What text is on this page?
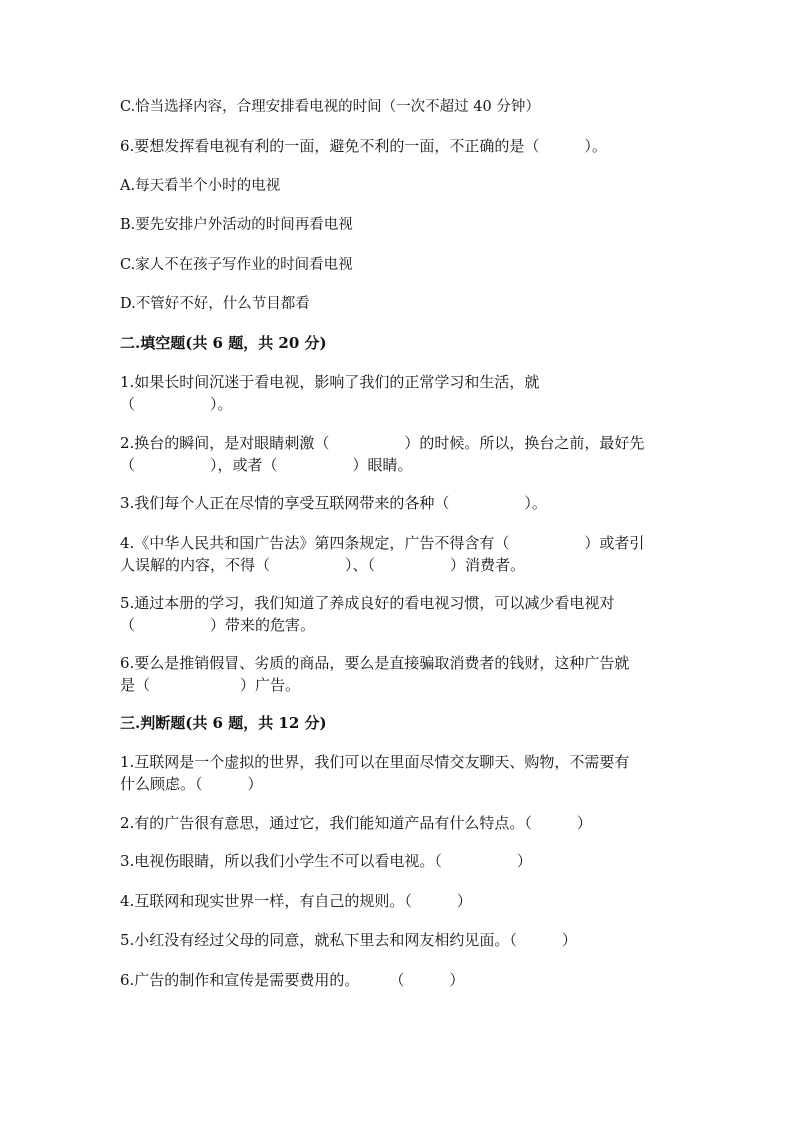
C.恰当选择内容，合理安排看电视的时间（一次不超过 40 分钟）
6.要想发挥看电视有利的一面，避免不利的一面，不正确的是（　　　）。
A.每天看半个小时的电视
B.要先安排户外活动的时间再看电视
C.家人不在孩子写作业的时间看电视
D.不管好不好，什么节目都看
二.填空题(共 6 题，共 20 分)
1.如果长时间沉迷于看电视，影响了我们的正常学习和生活，就
（　　　　　）。
2.换台的瞬间，是对眼睛刺激（　　　　　）的时候。所以，换台之前，最好先
（　　　　　），或者（　　　　　）眼睛。
3.我们每个人正在尽情的享受互联网带来的各种（　　　　　）。
4.《中华人民共和国广告法》第四条规定，广告不得含有（　　　　　）或者引
人误解的内容，不得（　　　　　）、（　　　　　）消费者。
5.通过本册的学习，我们知道了养成良好的看电视习惯，可以减少看电视对
（　　　　　）带来的危害。
6.要么是推销假冒、劣质的商品，要么是直接骗取消费者的钱财，这种广告就
是（　　　　　　）广告。
三.判断题(共 6 题，共 12 分)
1.互联网是一个虚拟的世界，我们可以在里面尽情交友聊天、购物，不需要有
什么顾虑。（　　　）
2.有的广告很有意思，通过它，我们能知道产品有什么特点。（　　　）
3.电视伤眼睛，所以我们小学生不可以看电视。（　　　　　）
4.互联网和现实世界一样，有自己的规则。（　　　）
5.小红没有经过父母的同意，就私下里去和网友相约见面。（　　　）
6.广告的制作和宣传是需要费用的。　　　（　　　）
